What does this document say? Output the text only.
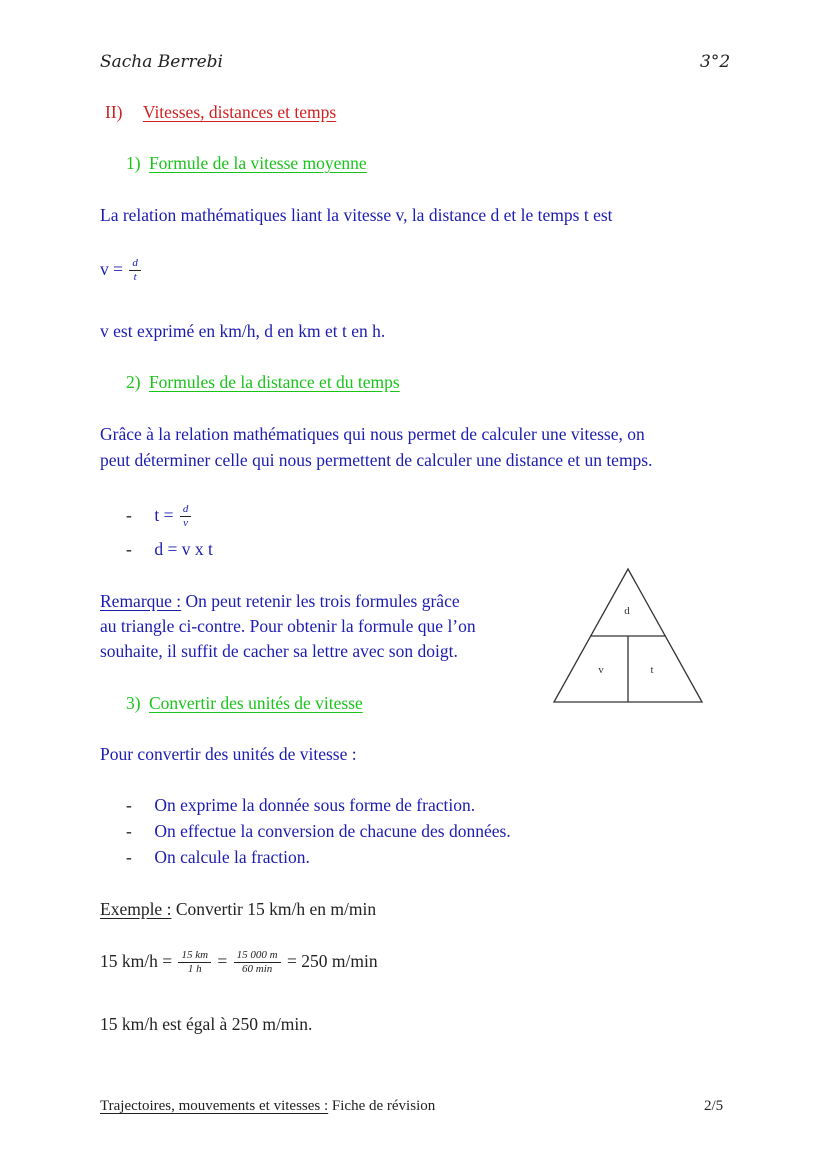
Sacha Berrebi	3°2
II) Vitesses, distances et temps
1) Formule de la vitesse moyenne
La relation mathématiques liant la vitesse v, la distance d et le temps t est
$v = \frac{d}{t}$
v est exprimé en km/h, d en km et t en h.
2) Formules de la distance et du temps
Grâce à la relation mathématiques qui nous permet de calculer une vitesse, on
peut déterminer celle qui nous permettent de calculer une distance et un temps.
- $t = \frac{d}{v}$
- d = v x t
Remarque : On peut retenir les trois formules grâce
au triangle ci-contre. Pour obtenir la formule que l’on
souhaite, il suffit de cacher sa lettre avec son doigt.
d
v	t
3) Convertir des unités de vitesse
Pour convertir des unités de vitesse :
- On exprime la donnée sous forme de fraction.
- On effectue la conversion de chacune des données.
- On calcule la fraction.
Exemple : Convertir 15 km/h en m/min
15 $km/h = \frac{15 km}{1 h} = \frac{15 000 m}{60 \min} = 250$ m/min
15 km/h est égal à 250 m/min.
Trajectoires, mouvements et vitesses : Fiche de révision	2/5
